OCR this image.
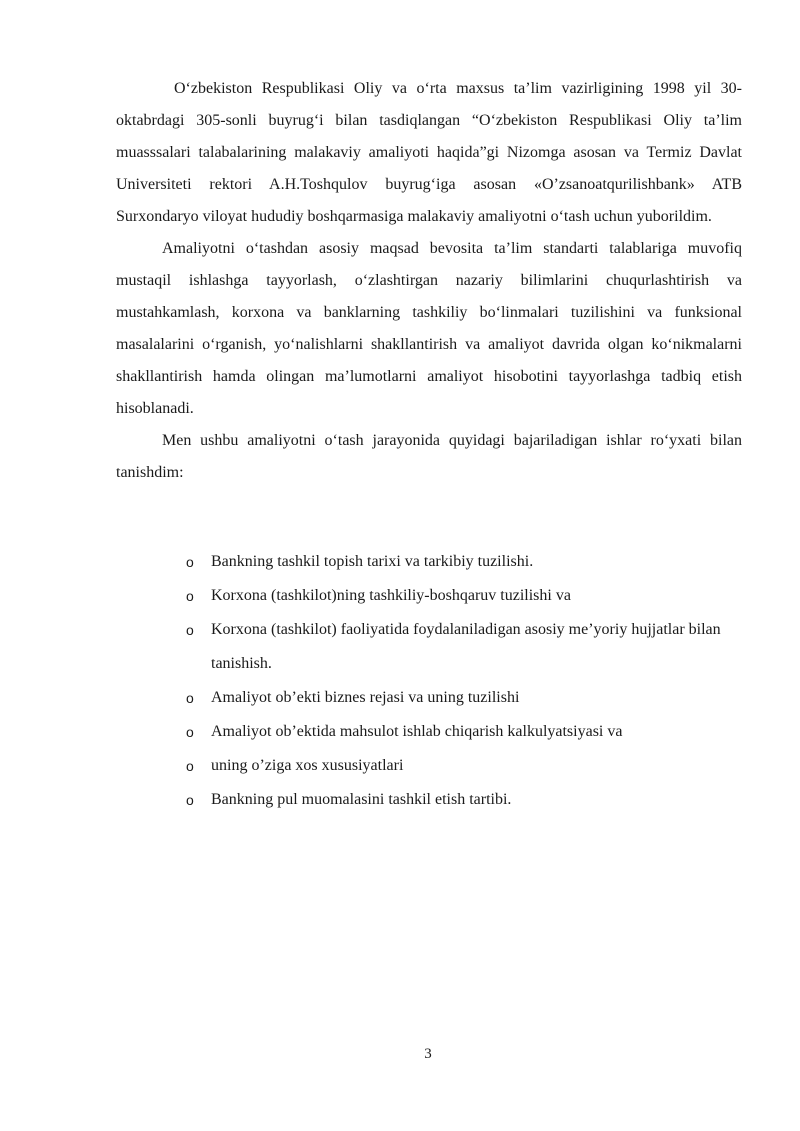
O‘zbekiston Respublikasi Oliy va o‘rta maxsus ta’lim vazirligining 1998 yil 30- oktabrdagi 305-sonli buyrug‘i bilan tasdiqlangan “O‘zbekiston Respublikasi Oliy ta’lim muasssalari talabalarining malakaviy amaliyoti haqida”gi Nizomga asosan va Termiz Davlat Universiteti rektori A.H.Toshqulov buyrug‘iga asosan «O’zsanoatqurilishbank» ATB Surxondaryo viloyat hududiy boshqarmasiga malakaviy amaliyotni o‘tash uchun yuborildim.

Amaliyotni o‘tashdan asosiy maqsad bevosita ta’lim standarti talablariga muvofiq mustaqil ishlashga tayyorlash, o‘zlashtirgan nazariy bilimlarini chuqurlashtirish va mustahkamlash, korxona va banklarning tashkiliy bo‘linmalari tuzilishini va funksional masalalarini o‘rganish, yo‘nalishlarni shakllantirish va amaliyot davrida olgan ko‘nikmalarni shakllantirish hamda olingan ma’lumotlarni amaliyot hisobotini tayyorlashga tadbiq etish hisoblanadi.

Men ushbu amaliyotni o‘tash jarayonida quyidagi bajariladigan ishlar ro‘yxati bilan tanishdim:

o Bankning tashkil topish tarixi va tarkibiy tuzilishi.
o Korxona (tashkilot)ning tashkiliy-boshqaruv tuzilishi va
o Korxona (tashkilot) faoliyatida foydalaniladigan asosiy me’yoriy hujjatlar bilan tanishish.
o Amaliyot ob’ekti biznes rejasi va uning tuzilishi
o Amaliyot ob’ektida mahsulot ishlab chiqarish kalkulyatsiyasi va
o uning o’ziga xos xususiyatlari
o Bankning pul muomalasini tashkil etish tartibi.
3
